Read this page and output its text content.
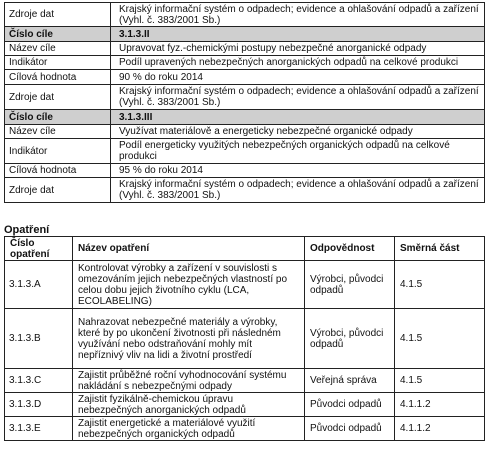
Zdroje dat	Krajský informační systém o odpadech; evidence a ohlašování odpadů a zařízení (Vyhl. č. 383/2001 Sb.)
Číslo cíle	3.1.3.II
Název cíle	Upravovat fyz.-chemickými postupy nebezpečné anorganické odpady
Indikátor	Podíl upravených nebezpečných anorganických odpadů na celkové produkci
Cílová hodnota	90 % do roku 2014
Zdroje dat	Krajský informační systém o odpadech; evidence a ohlašování odpadů a zařízení (Vyhl. č. 383/2001 Sb.)
Číslo cíle	3.1.3.III
Název cíle	Využívat materiálově a energeticky nebezpečné organické odpady
Indikátor	Podíl energeticky využitých nebezpečných organických odpadů na celkové produkci
Cílová hodnota	95 % do roku 2014
Zdroje dat	Krajský informační systém o odpadech; evidence a ohlašování odpadů a zařízení (Vyhl. č. 383/2001 Sb.)
Opatření
Číslo opatření	Název opatření	Odpovědnost	Směrná část
3.1.3.A	Kontrolovat výrobky a zařízení v souvislosti s omezováním jejich nebezpečných vlastností po celou dobu jejich životního cyklu (LCA, ECOLABELING)	Výrobci, původci odpadů	4.1.5
3.1.3.B	Nahrazovat nebezpečné materiály a výrobky, které by po ukončení životnosti při následném využívání nebo odstraňování mohly mít nepříznivý vliv na lidi a životní prostředí	Výrobci, původci odpadů	4.1.5
3.1.3.C	Zajistit průběžné roční vyhodnocování systému nakládání s nebezpečnými odpady	Veřejná správa	4.1.5
3.1.3.D	Zajistit fyzikálně-chemickou úpravu nebezpečných anorganických odpadů	Původci odpadů	4.1.1.2
3.1.3.E	Zajistit energetické a materiálové využití nebezpečných organických odpadů	Původci odpadů	4.1.1.2
